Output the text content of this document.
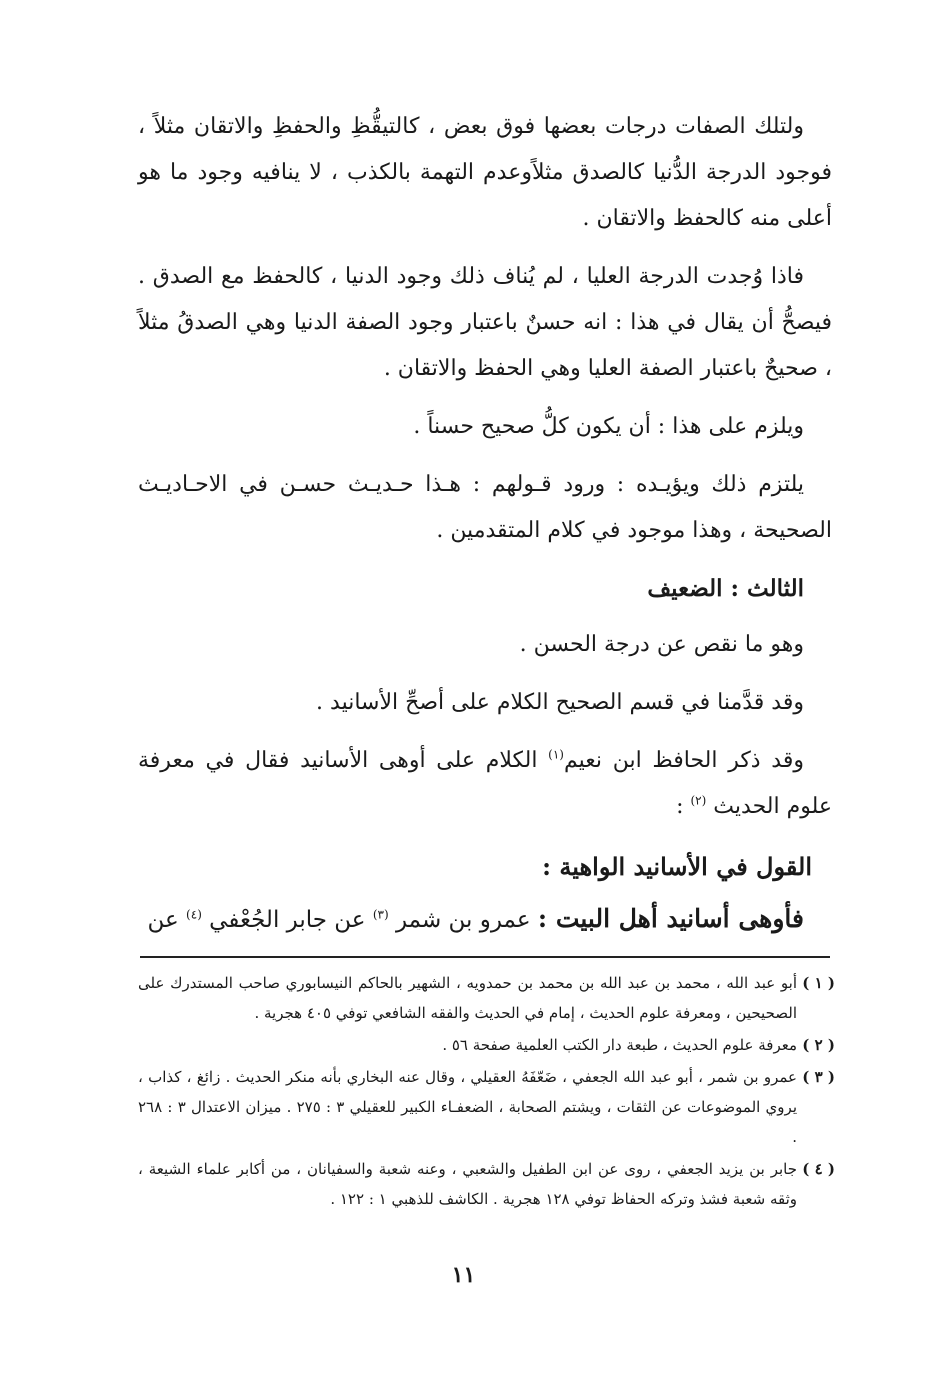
ولتلك الصفات درجات بعضها فوق بعض ، كالتيقُّظِ والحفظِ والاتقان مثلاً ، فوجود الدرجة الدُّنيا كالصدق مثلاًوعدم التهمة بالكذب ، لا ينافيه وجود ما هو أعلى منه كالحفظ والاتقان .

فاذا وُجدت الدرجة العليا ، لم يُناف ذلك وجود الدنيا ، كالحفظ مع الصدق . فيصحُّ أن يقال في هذا : انه حسنٌ باعتبار وجود الصفة الدنيا وهي الصدقُ مثلاً ، صحيحٌ باعتبار الصفة العليا وهي الحفظ والاتقان .

ويلزم على هذا : أن يكون كلُّ صحيح حسناً .

يلتزم ذلك ويؤيـده : ورود قـولهم : هـذا حـديـث حسـن في الاحـاديـث الصحيحة ، وهذا موجود في كلام المتقدمين .

الثالث : الضعيف

وهو ما نقص عن درجة الحسن .

وقد قدَّمنا في قسم الصحيح الكلام على أصحِّ الأسانيد .

وقد ذكر الحافظ ابن نعيم$^{(١)}$ الكلام على أوهى الأسانيد فقال في معرفة علوم الحديث $^{(٢)}$ :

القول في الأسانيد الواهية :

فأوهى أسانيد أهل البيت : عمرو بن شمر $^{(٣)}$ عن جابر الجُعْفي $^{(٤)}$ عن

( ١ )
أبو عبد الله ، محمد بن عبد الله بن محمد بن حمدويه ، الشهير بالحاكم النيسابوري صاحب المستدرك على الصحيحين ، ومعرفة علوم الحديث ، إمام في الحديث والفقه الشافعي توفي ٤٠٥ هجرية .
( ٢ )
معرفة علوم الحديث ، طبعة دار الكتب العلمية صفحة ٥٦ .
( ٣ )
عمرو بن شمر ، أبو عبد الله الجعفي ، ضَعّفَهُ العقيلي ، وقال عنه البخاري بأنه منكر الحديث . زائغ ، كذاب ، يروي الموضوعات عن الثقات ، ويشتم الصحابة ، الضعفـاء الكبير للعقيلي ٣ : ٢٧٥ . ميزان الاعتدال ٣ : ٢٦٨ .
( ٤ )
جابر بن يزيد الجعفي ، روى عن ابن الطفيل والشعبي ، وعنه شعبة والسفيانان ، من أكابر علماء الشيعة ، وثقه شعبة فشذ وتركه الحفاظ توفي ١٢٨ هجرية . الكاشف للذهبي ١ : ١٢٢ .
١١
